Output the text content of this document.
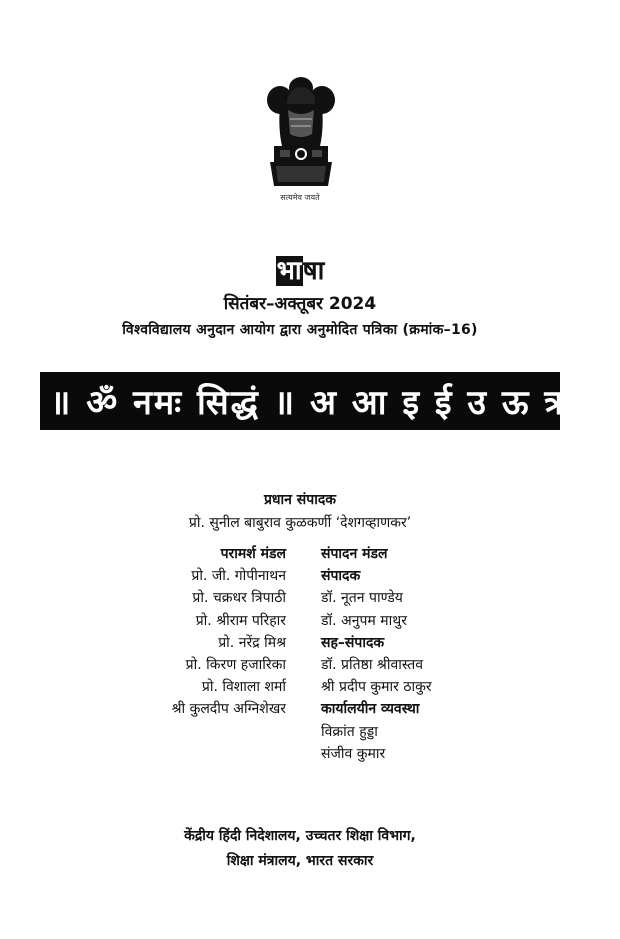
सत्यमेव जयते
भाषा
सितंबर–अक्तूबर 2024
विश्वविद्यालय अनुदान आयोग द्वारा अनुमोदित पत्रिका (क्रमांक–16)
॥ ॐ नमः सिद्धं ॥ अ आ इ ई उ ऊ ऋ ॠ
प्रधान संपादक
प्रो. सुनील बाबुराव कुळकर्णी ‘देशगव्हाणकर’
परामर्श मंडल
प्रो. जी. गोपीनाथन
प्रो. चक्रधर त्रिपाठी
प्रो. श्रीराम परिहार
प्रो. नरेंद्र मिश्र
प्रो. किरण हजारिका
प्रो. विशाला शर्मा
श्री कुलदीप अग्निशेखर
संपादन मंडल
संपादक
डॉ. नूतन पाण्डेय
डॉ. अनुपम माथुर
सह–संपादक
डॉ. प्रतिष्ठा श्रीवास्तव
श्री प्रदीप कुमार ठाकुर
कार्यालयीन व्यवस्था
विक्रांत हुड्डा
संजीव कुमार
केंद्रीय हिंदी निदेशालय, उच्चतर शिक्षा विभाग,
शिक्षा मंत्रालय, भारत सरकार
